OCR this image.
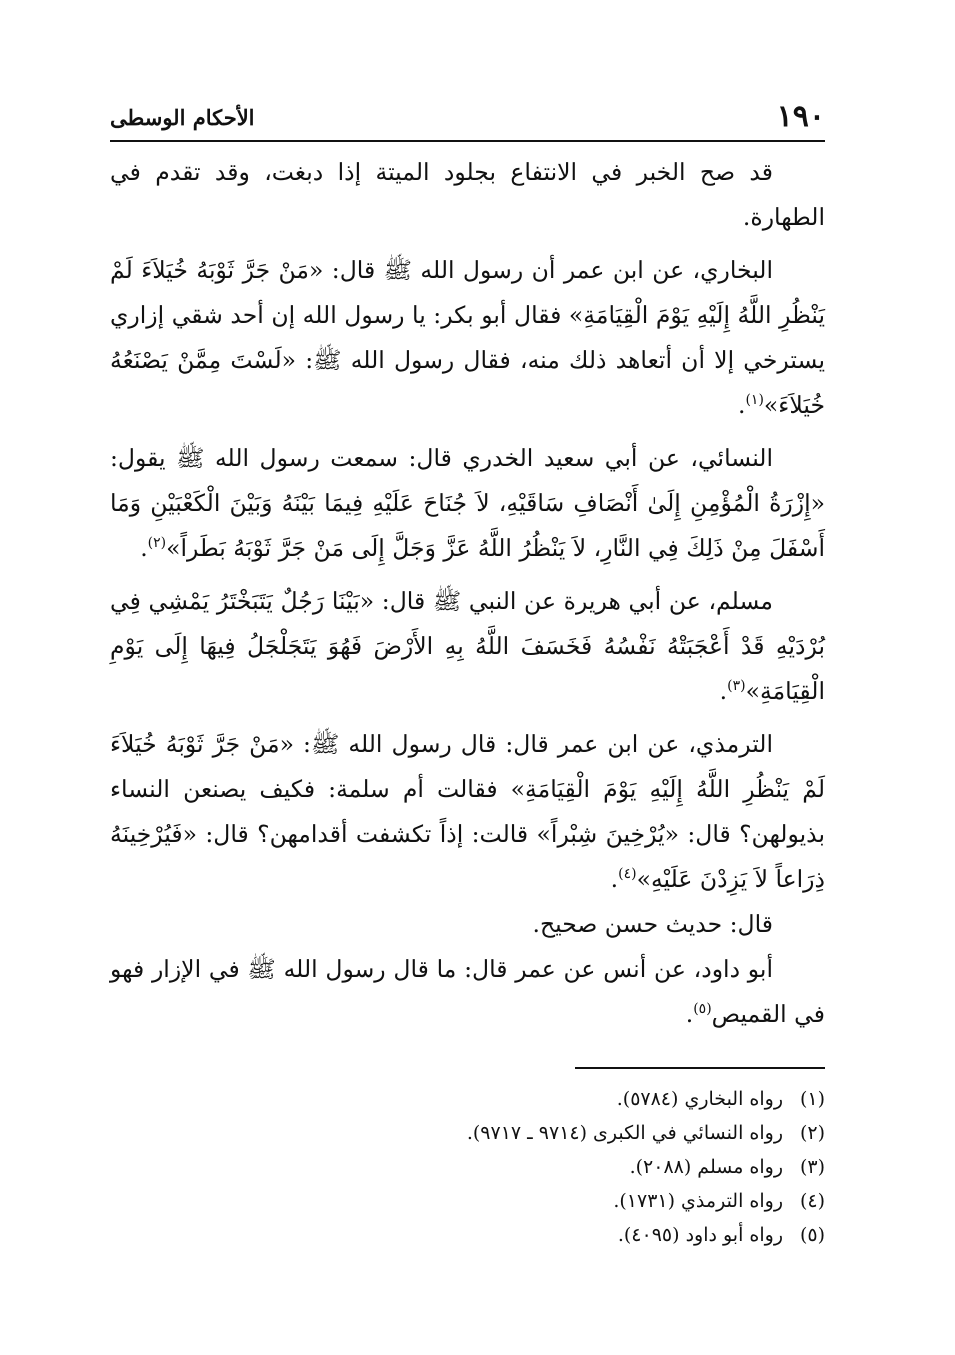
١٩٠
الأحكام الوسطى

قد صح الخبر في الانتفاع بجلود الميتة إذا دبغت، وقد تقدم في الطهارة.

البخاري، عن ابن عمر أن رسول الله ﷺ قال: «مَنْ جَرَّ ثَوْبَهُ خُيَلاَءَ لَمْ يَنْظُرِ اللَّهُ إِلَيْهِ يَوْمَ الْقِيَامَةِ» فقال أبو بكر: يا رسول الله إن أحد شقي إزاري يسترخي إلا أن أتعاهد ذلك منه، فقال رسول الله ﷺ: «لَسْتَ مِمَّنْ يَصْنَعُهُ خُيَلاَءَ»$^{(١)}$.

النسائي، عن أبي سعيد الخدري قال: سمعت رسول الله ﷺ يقول: «إِزْرَةُ الْمُؤْمِنِ إِلَىٰ أَنْصَافِ سَاقَيْهِ، لاَ جُنَاحَ عَلَيْهِ فِيمَا بَيْنَهُ وَبَيْنَ الْكَعْبَيْنِ وَمَا أَسْفَلَ مِنْ ذَلِكَ فِي النَّارِ، لاَ يَنْظُرُ اللَّهُ عَزَّ وَجَلَّ إِلَى مَنْ جَرَّ ثَوْبَهُ بَطَراً»$^{(٢)}$.

مسلم، عن أبي هريرة عن النبي ﷺ قال: «بَيْنَا رَجُلٌ يَتَبَخْتَرُ يَمْشِي فِي بُرْدَيْهِ قَدْ أَعْجَبَتْهُ نَفْسُهُ فَخَسَفَ اللَّهُ بِهِ الأَرْضَ فَهُوَ يَتَجَلْجَلُ فِيهَا إِلَى يَوْمِ الْقِيَامَةِ»$^{(٣)}$.

الترمذي، عن ابن عمر قال: قال رسول الله ﷺ: «مَنْ جَرَّ ثَوْبَهُ خُيَلاَءَ لَمْ يَنْظُرِ اللَّهُ إِلَيْهِ يَوْمَ الْقِيَامَةِ» فقالت أم سلمة: فكيف يصنعن النساء بذيولهن؟ قال: «يُرْخِينَ شِبْراً» قالت: إذاً تكشفت أقدامهن؟ قال: «فَيُرْخِينَهُ ذِرَاعاً لاَ يَزِدْنَ عَلَيْهِ»$^{(٤)}$.

قال: حديث حسن صحيح.

أبو داود، عن أنس عن عمر قال: ما قال رسول الله ﷺ في الإزار فهو في القميص$^{(٥)}$.

(١)
رواه البخاري (٥٧٨٤).
(٢)
رواه النسائي في الكبرى (٩٧١٤ ـ ٩٧١٧).
(٣)
رواه مسلم (٢٠٨٨).
(٤)
رواه الترمذي (١٧٣١).
(٥)
رواه أبو داود (٤٠٩٥).
